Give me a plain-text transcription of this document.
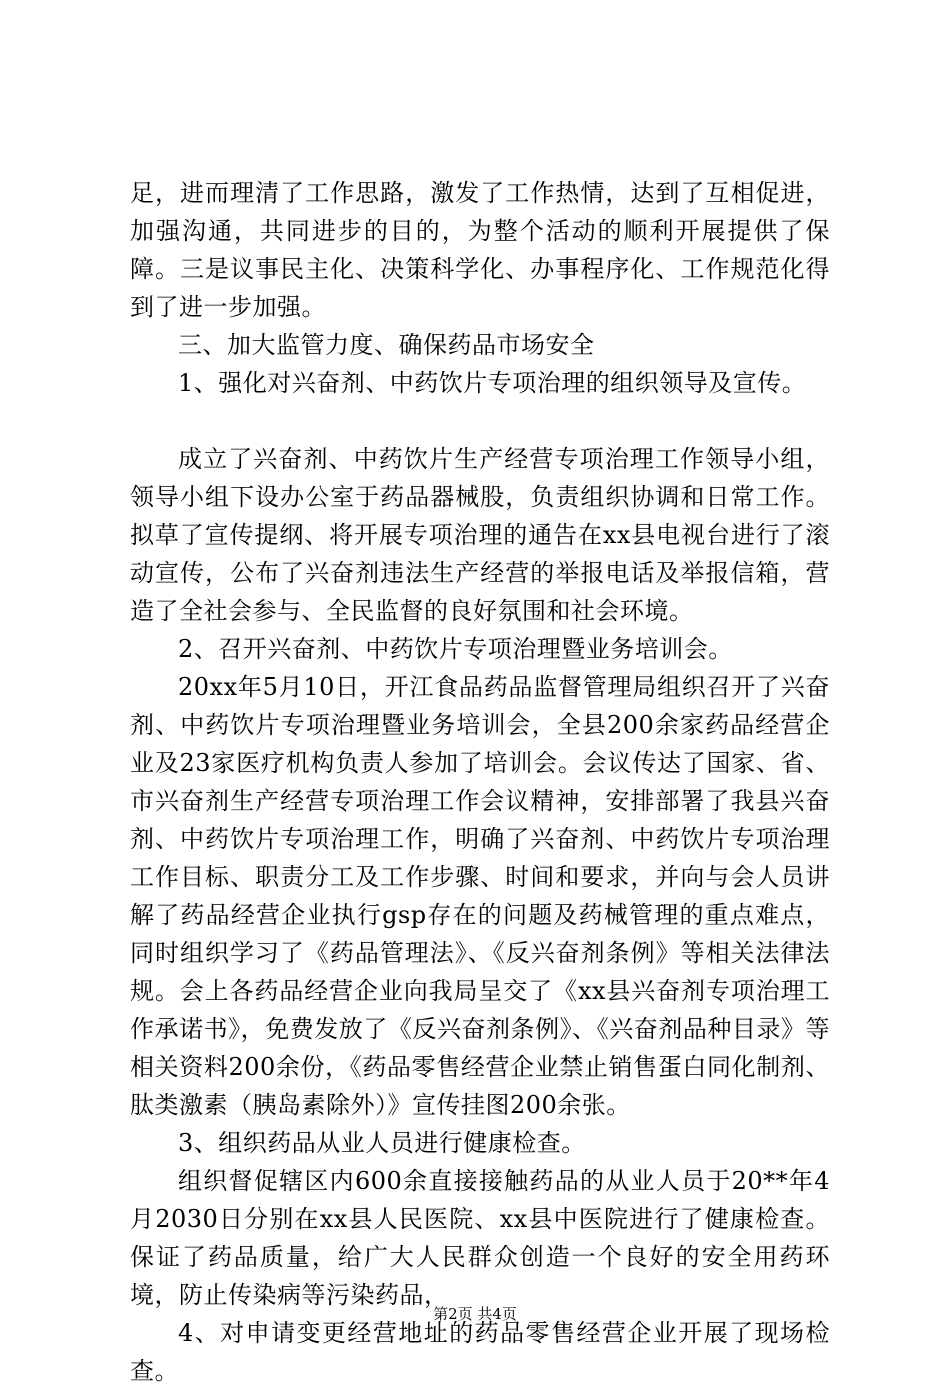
足，进而理清了工作思路，激发了工作热情，达到了互相促进，加强沟通，共同进步的目的，为整个活动的顺利开展提供了保障。三是议事民主化、决策科学化、办事程序化、工作规范化得到了进一步加强。

三、加大监管力度、确保药品市场安全

1、强化对兴奋剂、中药饮片专项治理的组织领导及宣传。

成立了兴奋剂、中药饮片生产经营专项治理工作领导小组，领导小组下设办公室于药品器械股，负责组织协调和日常工作。拟草了宣传提纲、将开展专项治理的通告在xx县电视台进行了滚动宣传，公布了兴奋剂违法生产经营的举报电话及举报信箱，营造了全社会参与、全民监督的良好氛围和社会环境。

2、召开兴奋剂、中药饮片专项治理暨业务培训会。

20xx年5月10日，开江食品药品监督管理局组织召开了兴奋剂、中药饮片专项治理暨业务培训会，全县200余家药品经营企业及23家医疗机构负责人参加了培训会。会议传达了国家、省、市兴奋剂生产经营专项治理工作会议精神，安排部署了我县兴奋剂、中药饮片专项治理工作，明确了兴奋剂、中药饮片专项治理工作目标、职责分工及工作步骤、时间和要求，并向与会人员讲解了药品经营企业执行gsp存在的问题及药械管理的重点难点，同时组织学习了《药品管理法》、《反兴奋剂条例》等相关法律法规。会上各药品经营企业向我局呈交了《xx县兴奋剂专项治理工作承诺书》，免费发放了《反兴奋剂条例》、《兴奋剂品种目录》等相关资料200余份，《药品零售经营企业禁止销售蛋白同化制剂、肽类激素（胰岛素除外）》宣传挂图200余张。

3、组织药品从业人员进行健康检查。

组织督促辖区内600余直接接触药品的从业人员于20**年4月2030日分别在xx县人民医院、xx县中医院进行了健康检查。保证了药品质量，给广大人民群众创造一个良好的安全用药环境，防止传染病等污染药品，

4、对申请变更经营地址的药品零售经营企业开展了现场检查。

第2页 共4页
